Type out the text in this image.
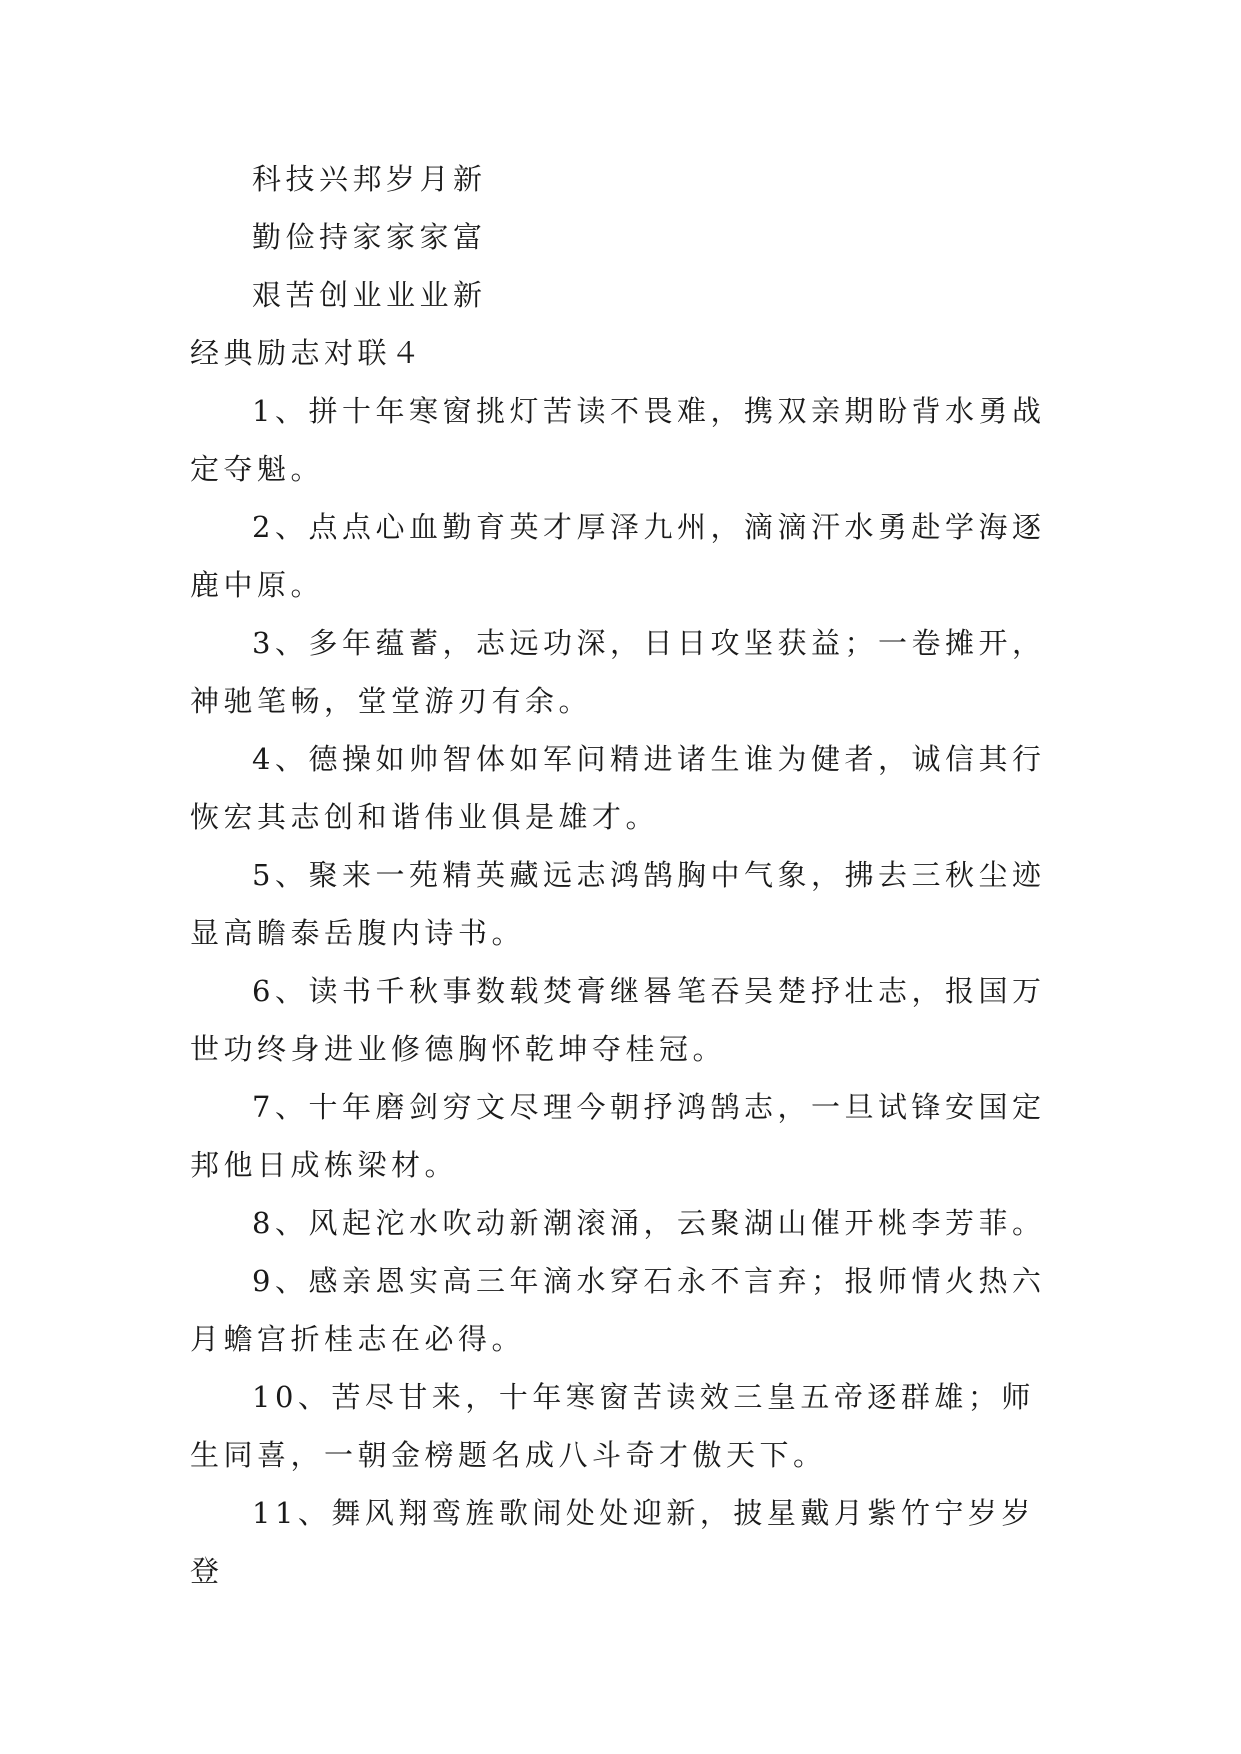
科技兴邦岁月新
勤俭持家家家富
艰苦创业业业新
经典励志对联４

1、拼十年寒窗挑灯苦读不畏难，携双亲期盼背水勇战定夺魁。

2、点点心血勤育英才厚泽九州，滴滴汗水勇赴学海逐鹿中原。

3、多年蕴蓄，志远功深，日日攻坚获益；一卷摊开，神驰笔畅，堂堂游刃有余。

4、德操如帅智体如军问精进诸生谁为健者，诚信其行恢宏其志创和谐伟业俱是雄才。

5、聚来一苑精英藏远志鸿鹄胸中气象，拂去三秋尘迹显高瞻泰岳腹内诗书。

6、读书千秋事数载焚膏继晷笔吞吴楚抒壮志，报国万世功终身进业修德胸怀乾坤夺桂冠。

7、十年磨剑穷文尽理今朝抒鸿鹄志，一旦试锋安国定邦他日成栋梁材。

8、风起沱水吹动新潮滚涌，云聚湖山催开桃李芳菲。

9、感亲恩实高三年滴水穿石永不言弃；报师情火热六月蟾宫折桂志在必得。

10、苦尽甘来，十年寒窗苦读效三皇五帝逐群雄；师生同喜，一朝金榜题名成八斗奇才傲天下。

11、舞风翔鸾旌歌闹处处迎新，披星戴月紫竹宁岁岁登
